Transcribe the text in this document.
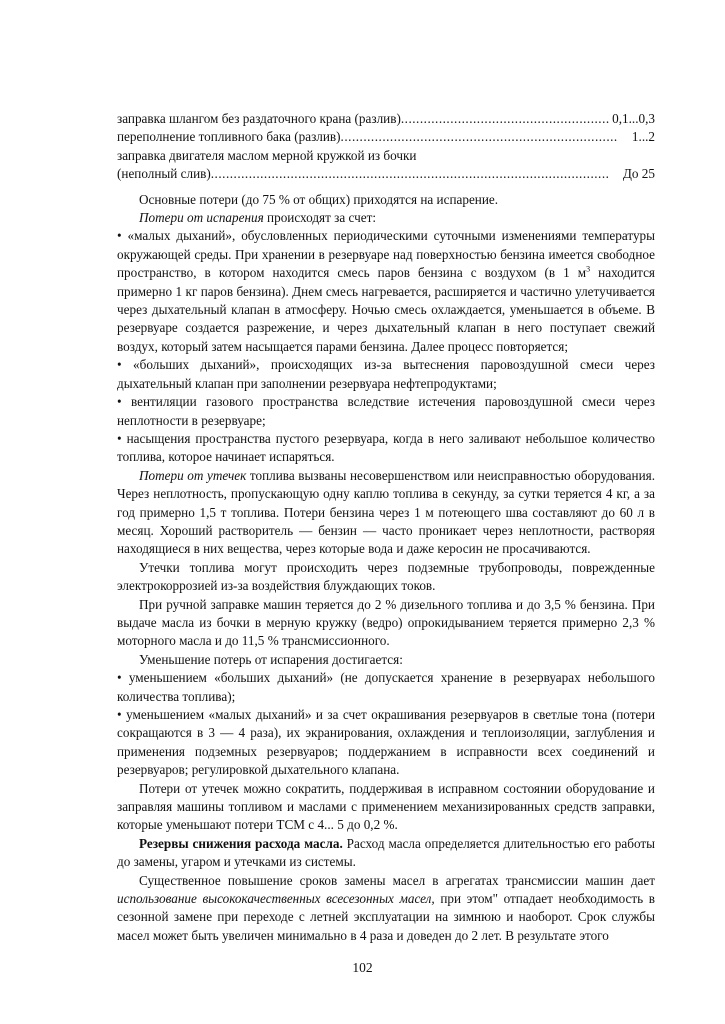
заправка шлангом без раздаточного крана (разлив) .....	0,1...0,3
переполнение топливного бака (разлив) .....	1...2
заправка двигателя маслом мерной кружкой из бочки
(неполный слив) .....	До 25

Основные потери (до 75 % от общих) приходятся на испарение.

Потери от испарения происходят за счет:

• «малых дыханий», обусловленных периодическими суточными изменениями температуры окружающей среды. При хранении в резервуаре над поверхностью бензина имеется свободное пространство, в котором находится смесь паров бензина с воздухом (в 1 $м^3$ находится примерно 1 кг паров бензина). Днем смесь нагревается, расширяется и частично улетучивается через дыхательный клапан в атмосферу. Ночью смесь охлаждается, уменьшается в объеме. В резервуаре создается разрежение, и через дыхательный клапан в него поступает свежий воздух, который затем насыщается парами бензина. Далее процесс повторяется;

• «больших дыханий», происходящих из-за вытеснения паровоздушной смеси через дыхательный клапан при заполнении резервуара нефтепродуктами;

• вентиляции газового пространства вследствие истечения паровоздушной смеси через неплотности в резервуаре;

• насыщения пространства пустого резервуара, когда в него заливают небольшое количество топлива, которое начинает испаряться.

Потери от утечек топлива вызваны несовершенством или неисправностью оборудования. Через неплотность, пропускающую одну каплю топлива в секунду, за сутки теряется 4 кг, а за год примерно 1,5 т топлива. Потери бензина через 1 м потеющего шва составляют до 60 л в месяц. Хороший растворитель — бензин — часто проникает через неплотности, растворяя находящиеся в них вещества, через которые вода и даже керосин не просачиваются.

Утечки топлива могут происходить через подземные трубопроводы, поврежденные электрокоррозией из-за воздействия блуждающих токов.

При ручной заправке машин теряется до 2 % дизельного топлива и до 3,5 % бензина. При выдаче масла из бочки в мерную кружку (ведро) опрокидыванием теряется примерно 2,3 % моторного масла и до 11,5 % трансмиссионного.

Уменьшение потерь от испарения достигается:

• уменьшением «больших дыханий» (не допускается хранение в резервуарах небольшого количества топлива);

• уменьшением «малых дыханий» и за счет окрашивания резервуаров в светлые тона (потери сокращаются в 3 — 4 раза), их экранирования, охлаждения и теплоизоляции, заглубления и применения подземных резервуаров; поддержанием в исправности всех соединений и резервуаров; регулировкой дыхательного клапана.

Потери от утечек можно сократить, поддерживая в исправном состоянии оборудование и заправляя машины топливом и маслами с применением механизированных средств заправки, которые уменьшают потери ТСМ с 4... 5 до 0,2 %.

Резервы снижения расхода масла. Расход масла определяется длительностью его работы до замены, угаром и утечками из системы.

Существенное повышение сроков замены масел в агрегатах трансмиссии машин дает использование высококачественных всесезонных масел, при этом" отпадает необходимость в сезонной замене при переходе с летней эксплуатации на зимнюю и наоборот. Срок службы масел может быть увеличен минимально в 4 раза и доведен до 2 лет. В результате этого

102
